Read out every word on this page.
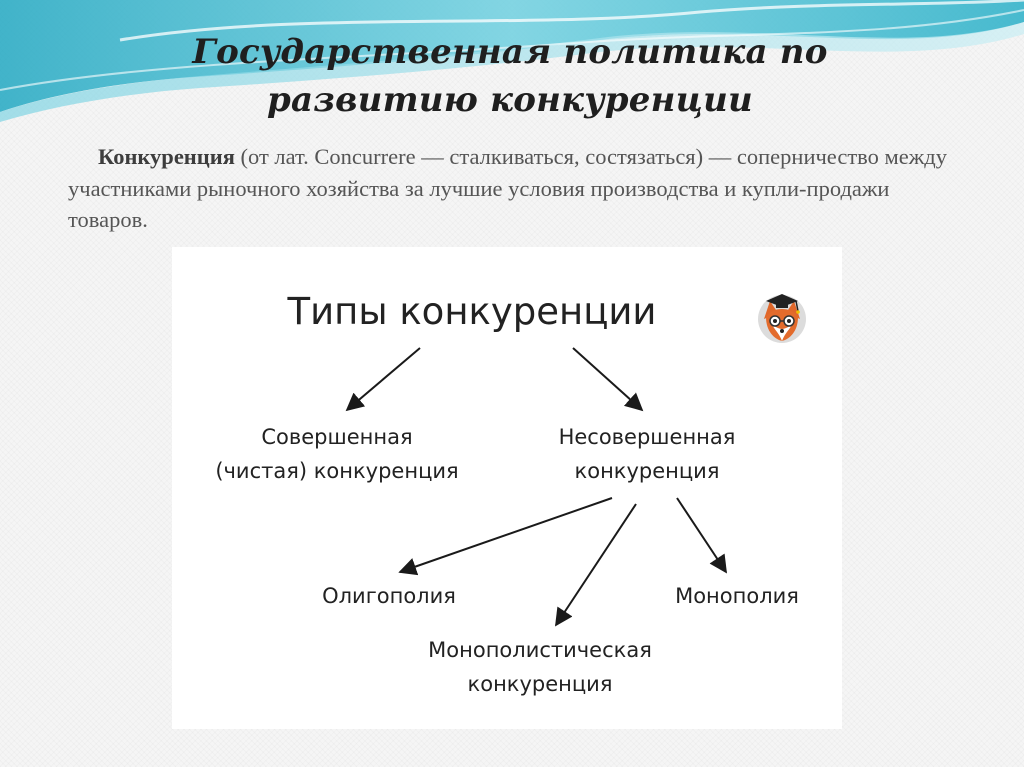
Государственная политика по развитию конкуренции

Конкуренция (от лат. Concurrere — сталкиваться, состязаться) — соперничество между участниками рыночного хозяйства за лучшие условия производства и купли-продажи товаров.

Типы конкуренции
Совершенная
(чистая) конкуренция
Несовершенная
конкуренция
Олигополия	Монополия
Монополистическая
конкуренция
